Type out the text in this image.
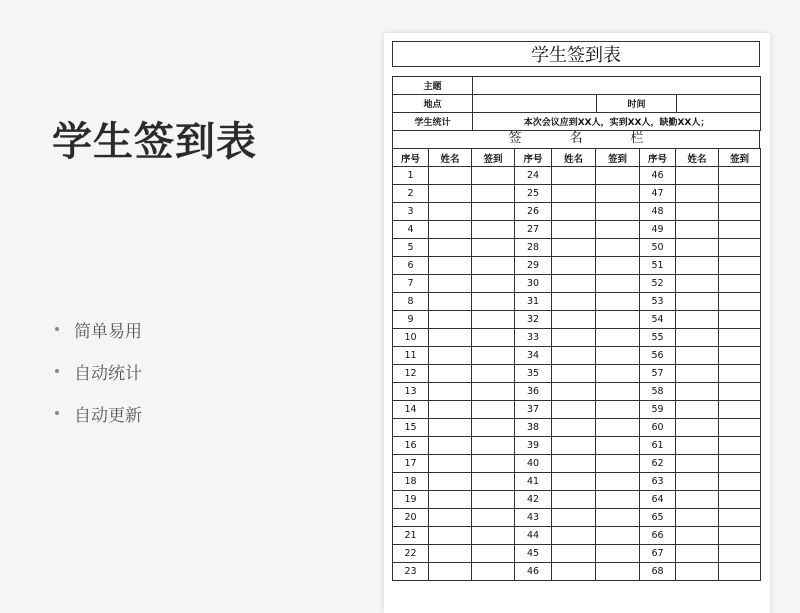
学生签到表
简单易用
自动统计
自动更新
学生签到表
主题			
地点		时间	
学生统计	本次会议应到XX人，实到XX人，缺勤XX人；		
签	名	栏
序号	姓名	签到	序号	姓名	签到	序号	姓名	签到
1			24			46		
2			25			47		
3			26			48		
4			27			49		
5			28			50		
6			29			51		
7			30			52		
8			31			53		
9			32			54		
10			33			55		
11			34			56		
12			35			57		
13			36			58		
14			37			59		
15			38			60		
16			39			61		
17			40			62		
18			41			63		
19			42			64		
20			43			65		
21			44			66		
22			45			67		
23			46			68		
